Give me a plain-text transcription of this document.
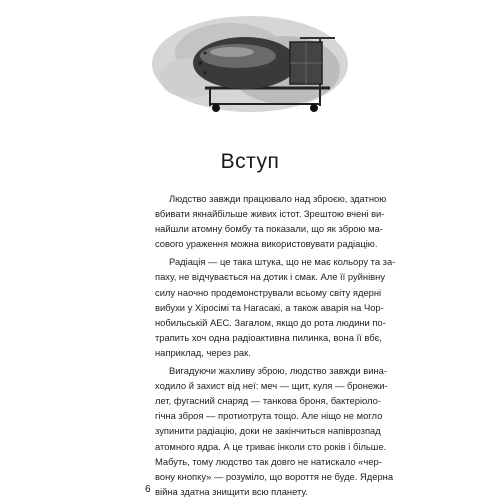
Вступ

Людство завжди працювало над зброєю, здатною
вбивати якнайбільше живих істот. Зрештою вчені ви-
найшли атомну бомбу та показали, що як зброю ма-
сового ураження можна використовувати радіацію.

Радіація — це така штука, що не має кольору та за-
паху, не відчувається на дотик і смак. Але її руйнівну
силу наочно продемонстрували всьому світу ядерні
вибухи у Хіросімі та Нагасакі, а також аварія на Чор-
нобильській АЕС. Загалом, якщо до рота людини по-
трапить хоч одна радіоактивна пилинка, вона її вбє,
наприклад, через рак.

Вигадуючи жахливу зброю, людство завжди вина-
ходило й захист від неї: меч — щит, куля — бронежи-
лет, фугасний снаряд — танкова броня, бактеріоло-
гічна зброя — протиотрута тощо. Але ніщо не могло
зупинити радіацію, доки не закінчиться напіврозпад
атомного ядра. А це триває інколи сто років і більше.
Мабуть, тому людство так довго не натискало «чер-
вону кнопку» — розуміло, що вороття не буде. Ядерна
війна здатна знищити всю планету.

6
